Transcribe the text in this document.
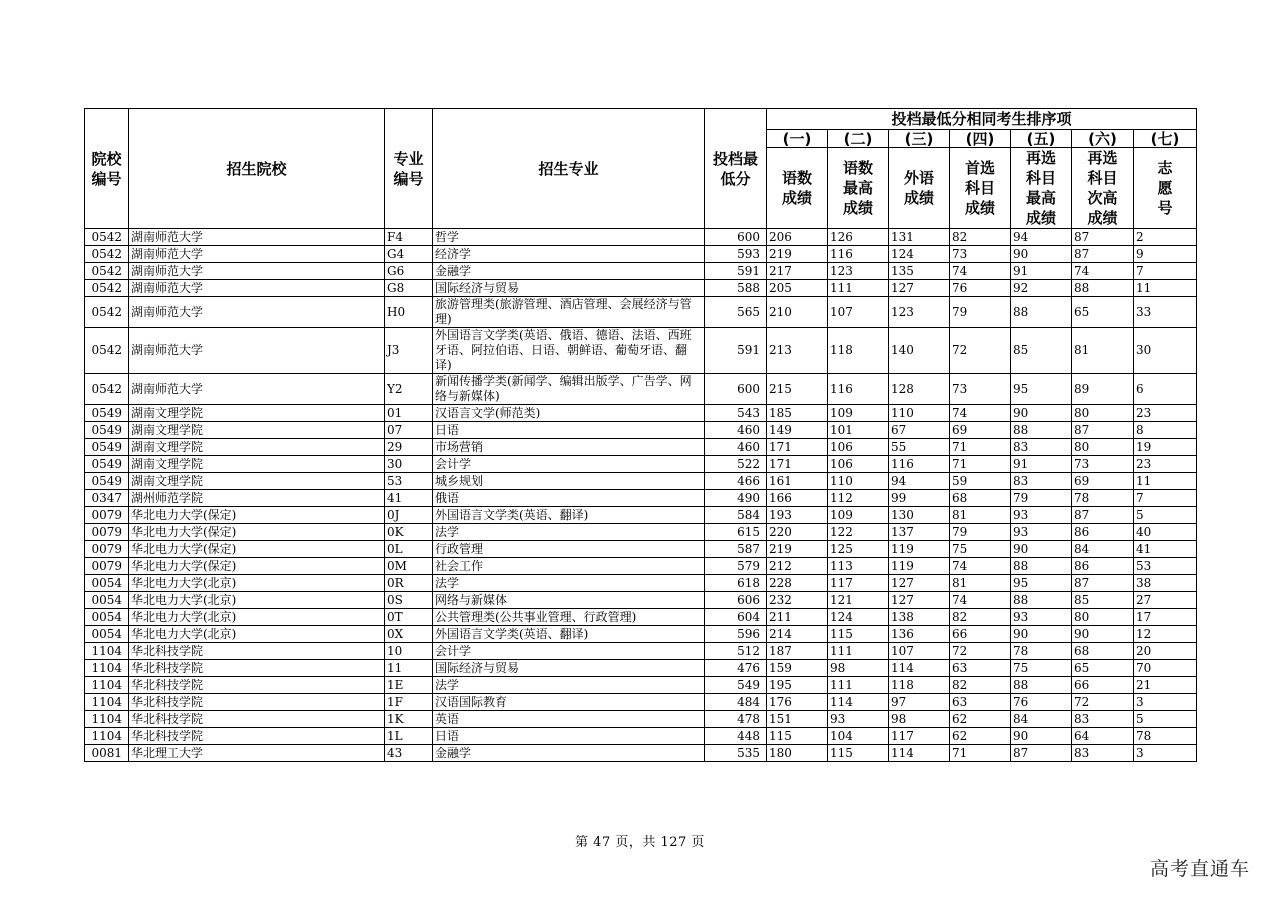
院校编号	招生院校	专业编号	招生专业	投档最低分	投档最低分相同考生排序项						
					(一)	(二)	(三)	(四)	(五)	(六)	(七)
					语数成绩	语数最高成绩	外语成绩	首选科目成绩	再选科目最高成绩	再选科目次高成绩	志愿号
0542	湖南师范大学	F4	哲学	600	206	126	131	82	94	87	2
0542	湖南师范大学	G4	经济学	593	219	116	124	73	90	87	9
0542	湖南师范大学	G6	金融学	591	217	123	135	74	91	74	7
0542	湖南师范大学	G8	国际经济与贸易	588	205	111	127	76	92	88	11
0542	湖南师范大学	H0	旅游管理类(旅游管理、酒店管理、会展经济与管理)	565	210	107	123	79	88	65	33
0542	湖南师范大学	J3	外国语言文学类(英语、俄语、德语、法语、西班牙语、阿拉伯语、日语、朝鲜语、葡萄牙语、翻译)	591	213	118	140	72	85	81	30
0542	湖南师范大学	Y2	新闻传播学类(新闻学、编辑出版学、广告学、网络与新媒体)	600	215	116	128	73	95	89	6
0549	湖南文理学院	01	汉语言文学(师范类)	543	185	109	110	74	90	80	23
0549	湖南文理学院	07	日语	460	149	101	67	69	88	87	8
0549	湖南文理学院	29	市场营销	460	171	106	55	71	83	80	19
0549	湖南文理学院	30	会计学	522	171	106	116	71	91	73	23
0549	湖南文理学院	53	城乡规划	466	161	110	94	59	83	69	11
0347	湖州师范学院	41	俄语	490	166	112	99	68	79	78	7
0079	华北电力大学(保定)	0J	外国语言文学类(英语、翻译)	584	193	109	130	81	93	87	5
0079	华北电力大学(保定)	0K	法学	615	220	122	137	79	93	86	40
0079	华北电力大学(保定)	0L	行政管理	587	219	125	119	75	90	84	41
0079	华北电力大学(保定)	0M	社会工作	579	212	113	119	74	88	86	53
0054	华北电力大学(北京)	0R	法学	618	228	117	127	81	95	87	38
0054	华北电力大学(北京)	0S	网络与新媒体	606	232	121	127	74	88	85	27
0054	华北电力大学(北京)	0T	公共管理类(公共事业管理、行政管理)	604	211	124	138	82	93	80	17
0054	华北电力大学(北京)	0X	外国语言文学类(英语、翻译)	596	214	115	136	66	90	90	12
1104	华北科技学院	10	会计学	512	187	111	107	72	78	68	20
1104	华北科技学院	11	国际经济与贸易	476	159	98	114	63	75	65	70
1104	华北科技学院	1E	法学	549	195	111	118	82	88	66	21
1104	华北科技学院	1F	汉语国际教育	484	176	114	97	63	76	72	3
1104	华北科技学院	1K	英语	478	151	93	98	62	84	83	5
1104	华北科技学院	1L	日语	448	115	104	117	62	90	64	78
0081	华北理工大学	43	金融学	535	180	115	114	71	87	83	3
第 47 页，共 127 页
高考直通车
